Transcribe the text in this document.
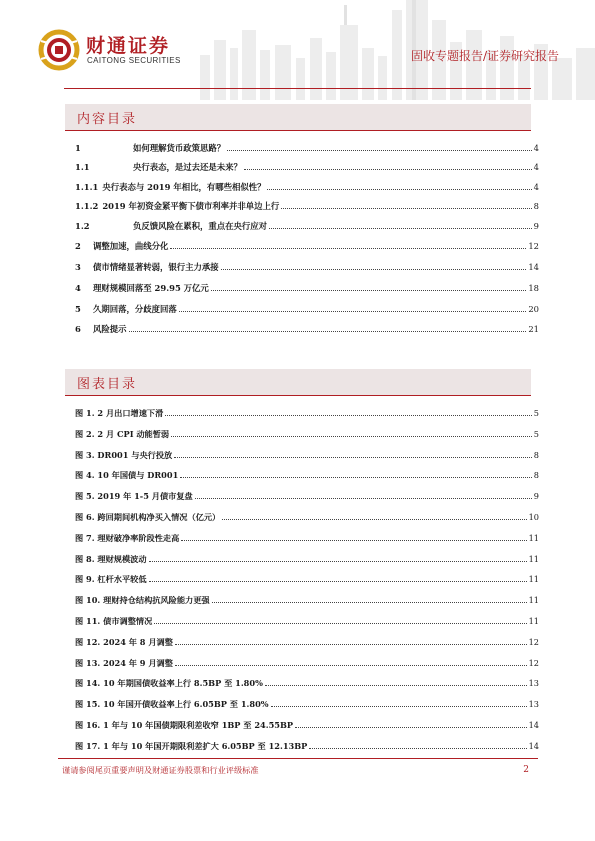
财通证券
CAITONG SECURITIES	固收专题报告/证券研究报告
内容目录
1	如何理解货币政策思路？	4
1.1	央行表态，是过去还是未来？	4
1.1.1 央行表态与 2019 年相比，有哪些相似性？	4
1.1.2 2019 年初资金紧平衡下债市利率并非单边上行	8
1.2	负反馈风险在累积，重点在央行应对	9
2	调整加速，曲线分化	12
3	债市情绪显著转弱，银行主力承接	14
4	理财规模回落至 29.95 万亿元	18
5	久期回落，分歧度回落	20
6	风险提示	21
图表目录
图 1. 2 月出口增速下滑	5
图 2. 2 月 CPI 动能暂弱	5
图 3. DR001 与央行投放	8
图 4. 10 年国债与 DR001	8
图 5. 2019 年 1-5 月债市复盘	9
图 6. 跨回期间机构净买入情况（亿元）	10
图 7. 理财破净率阶段性走高	11
图 8. 理财规模波动	11
图 9. 杠杆水平较低	11
图 10. 理财持仓结构抗风险能力更强	11
图 11. 债市调整情况	11
图 12. 2024 年 8 月调整	12
图 13. 2024 年 9 月调整	12
图 14. 10 年期国债收益率上行 8.5BP 至 1.80%	13
图 15. 10 年国开债收益率上行 6.05BP 至 1.80%	13
图 16. 1 年与 10 年国债期限利差收窄 1BP 至 24.55BP	14
图 17. 1 年与 10 年国开期限利差扩大 6.05BP 至 12.13BP	14
谨请参阅尾页重要声明及财通证券股票和行业评级标准	2
